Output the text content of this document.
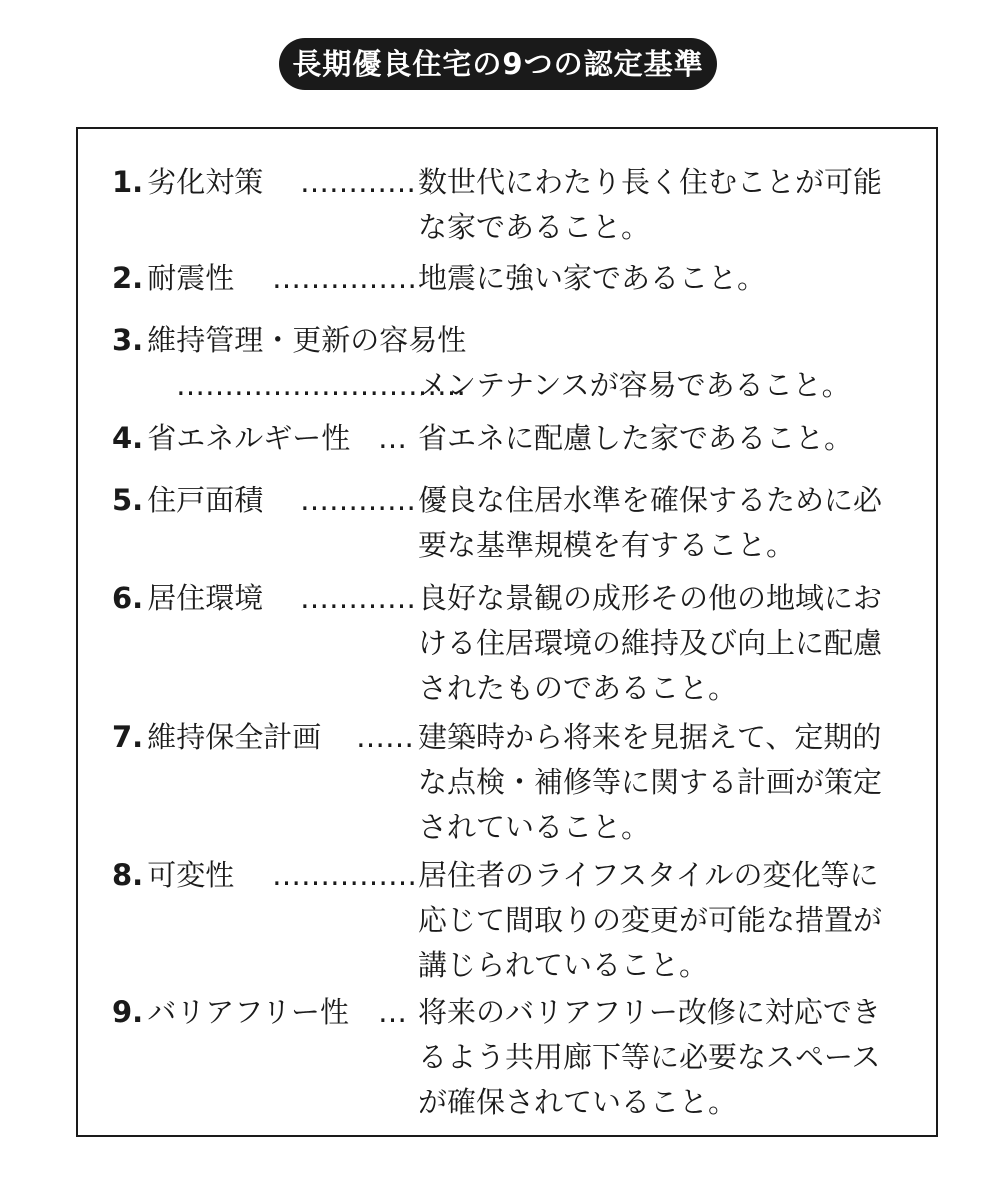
長期優良住宅の9つの認定基準
1. 劣化対策 ………… 数世代にわたり長く住むことが可能
な家であること。
2. 耐震性 …………… 地震に強い家であること。
3. 維持管理・更新の容易性
…………………………
メンテナンスが容易であること。
4. 省エネルギー性 … 省エネに配慮した家であること。
5. 住戸面積 ………… 優良な住居水準を確保するために必
要な基準規模を有すること。
6. 居住環境 ………… 良好な景観の成形その他の地域にお
ける住居環境の維持及び向上に配慮
されたものであること。
7. 維持保全計画 …… 建築時から将来を見据えて、定期的
な点検・補修等に関する計画が策定
されていること。
8. 可変性 …………… 居住者のライフスタイルの変化等に
応じて間取りの変更が可能な措置が
講じられていること。
9. バリアフリー性 … 将来のバリアフリー改修に対応でき
るよう共用廊下等に必要なスペース
が確保されていること。
